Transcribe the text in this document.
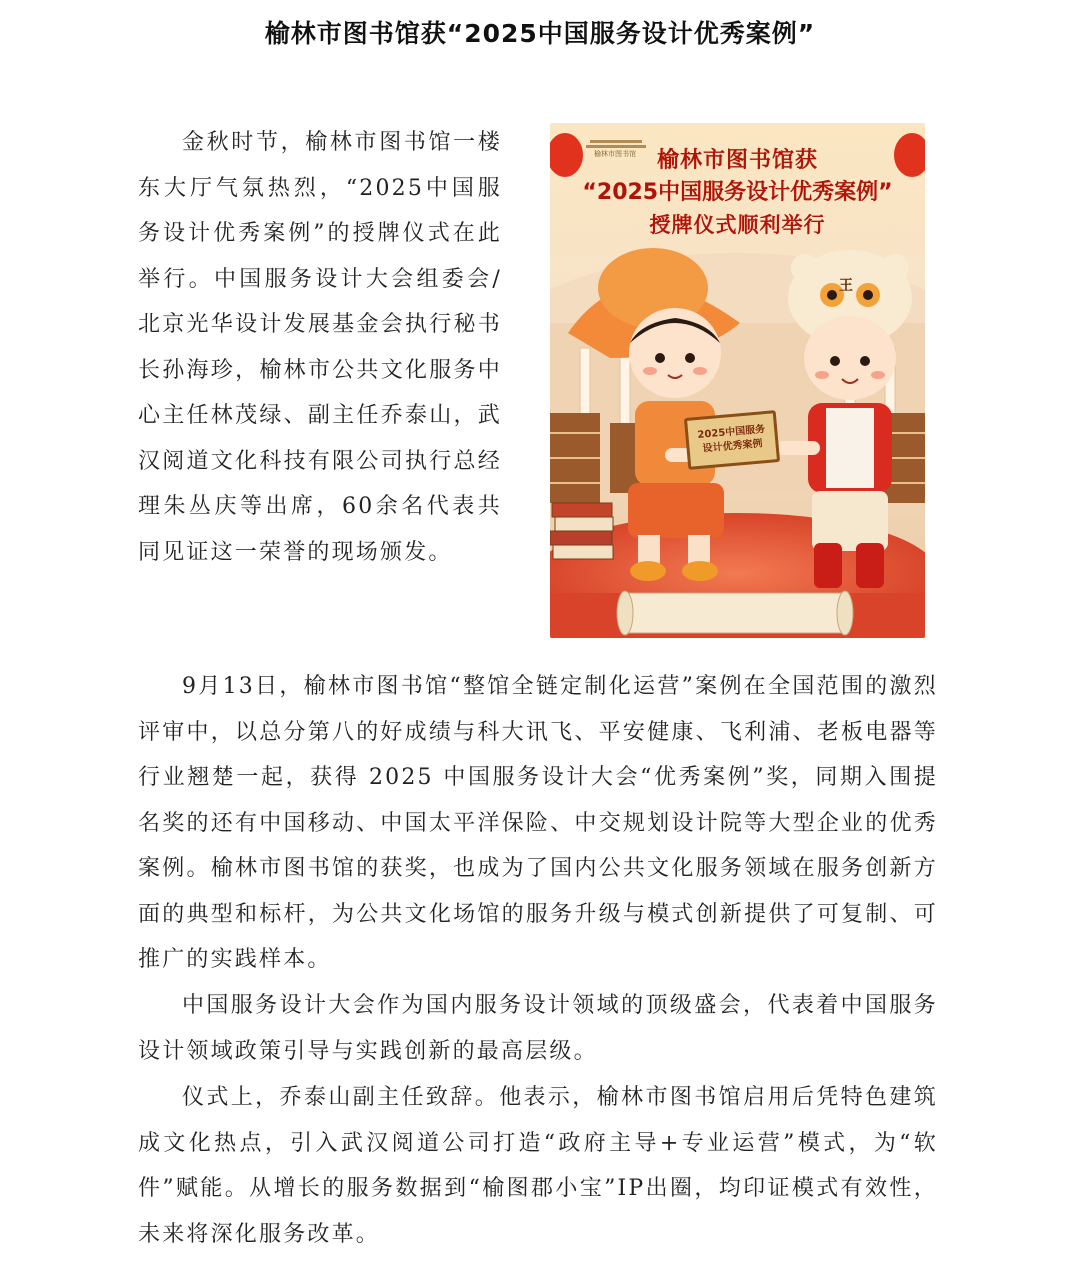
榆林市图书馆获“2025中国服务设计优秀案例”

金秋时节，榆林市图书馆一楼东大厅气氛热烈，“2025中国服务设计优秀案例”的授牌仪式在此举行。中国服务设计大会组委会/北京光华设计发展基金会执行秘书长孙海珍，榆林市公共文化服务中心主任林茂绿、副主任乔泰山，武汉阅道文化科技有限公司执行总经理朱丛庆等出席，60余名代表共同见证这一荣誉的现场颁发。

榆林市图书馆 榆林市图书馆获
“2025中国服务设计优秀案例”
授牌仪式顺利举行
王
2025中国服务
设计优秀案例

9月13日，榆林市图书馆“整馆全链定制化运营”案例在全国范围的激烈评审中，以总分第八的好成绩与科大讯飞、平安健康、飞利浦、老板电器等行业翘楚一起，获得 2025 中国服务设计大会“优秀案例”奖，同期入围提名奖的还有中国移动、中国太平洋保险、中交规划设计院等大型企业的优秀案例。榆林市图书馆的获奖，也成为了国内公共文化服务领域在服务创新方面的典型和标杆，为公共文化场馆的服务升级与模式创新提供了可复制、可推广的实践样本。

中国服务设计大会作为国内服务设计领域的顶级盛会，代表着中国服务设计领域政策引导与实践创新的最高层级。

仪式上，乔泰山副主任致辞。他表示，榆林市图书馆启用后凭特色建筑成文化热点，引入武汉阅道公司打造“政府主导+专业运营”模式，为“软件”赋能。从增长的服务数据到“榆图郡小宝”IP出圈，均印证模式有效性，未来将深化服务改革。
